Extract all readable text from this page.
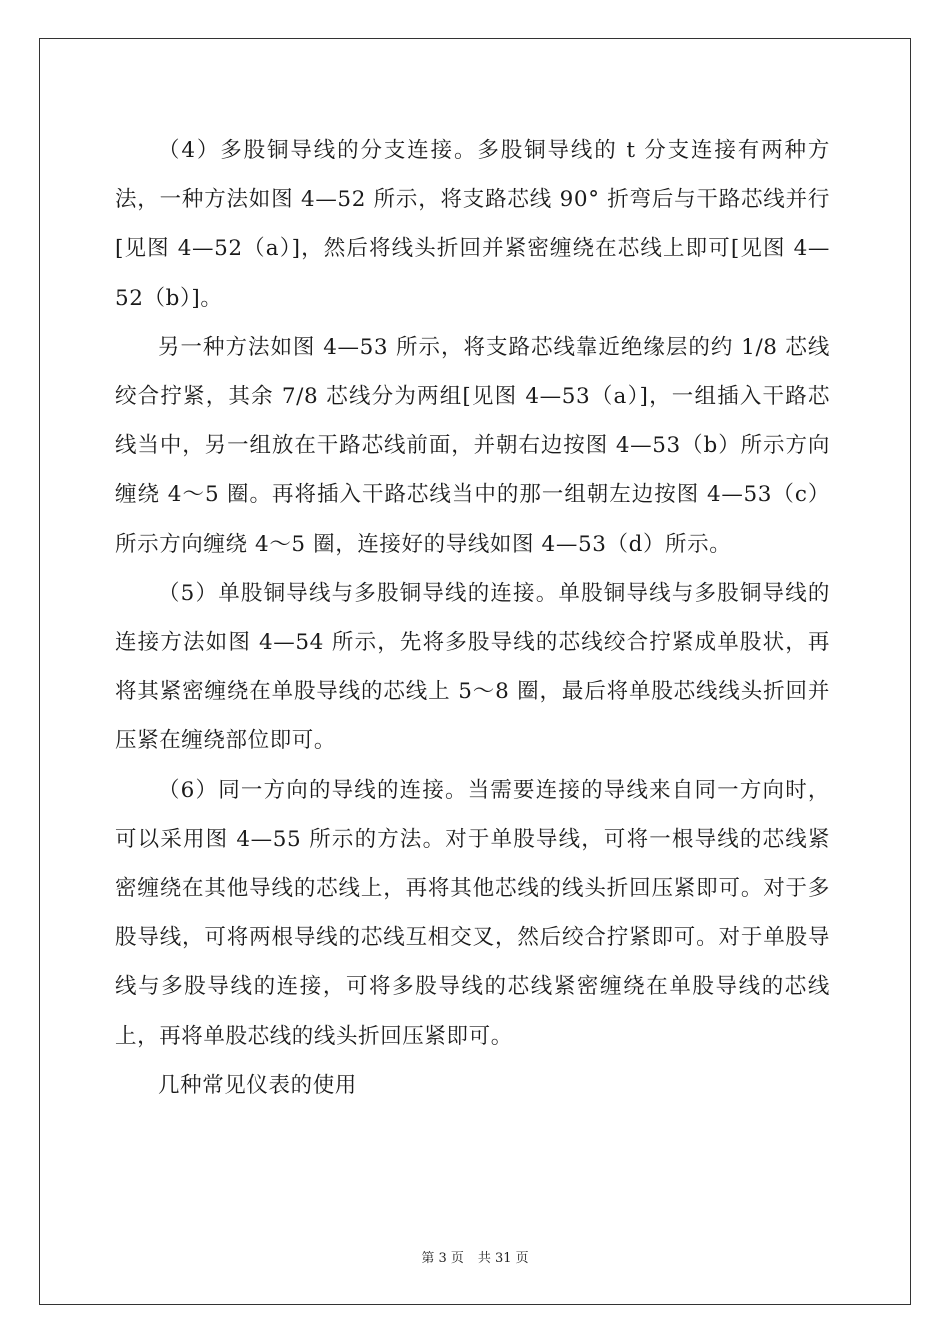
（4）多股铜导线的分支连接。多股铜导线的 t 分支连接有两种方法，一种方法如图 4—52 所示，将支路芯线 90° 折弯后与干路芯线并行[见图 4—52（a）]，然后将线头折回并紧密缠绕在芯线上即可[见图 4—52（b）]。

另一种方法如图 4—53 所示，将支路芯线靠近绝缘层的约 1/8 芯线绞合拧紧，其余 7/8 芯线分为两组[见图 4—53（a）]，一组插入干路芯线当中，另一组放在干路芯线前面，并朝右边按图 4—53（b）所示方向缠绕 4～5 圈。再将插入干路芯线当中的那一组朝左边按图 4—53（c）所示方向缠绕 4～5 圈，连接好的导线如图 4—53（d）所示。

（5）单股铜导线与多股铜导线的连接。单股铜导线与多股铜导线的连接方法如图 4—54 所示，先将多股导线的芯线绞合拧紧成单股状，再将其紧密缠绕在单股导线的芯线上 5～8 圈，最后将单股芯线线头折回并压紧在缠绕部位即可。

（6）同一方向的导线的连接。当需要连接的导线来自同一方向时，可以采用图 4—55 所示的方法。对于单股导线，可将一根导线的芯线紧密缠绕在其他导线的芯线上，再将其他芯线的线头折回压紧即可。对于多股导线，可将两根导线的芯线互相交叉，然后绞合拧紧即可。对于单股导线与多股导线的连接，可将多股导线的芯线紧密缠绕在单股导线的芯线上，再将单股芯线的线头折回压紧即可。

几种常见仪表的使用

第 3 页 共 31 页
